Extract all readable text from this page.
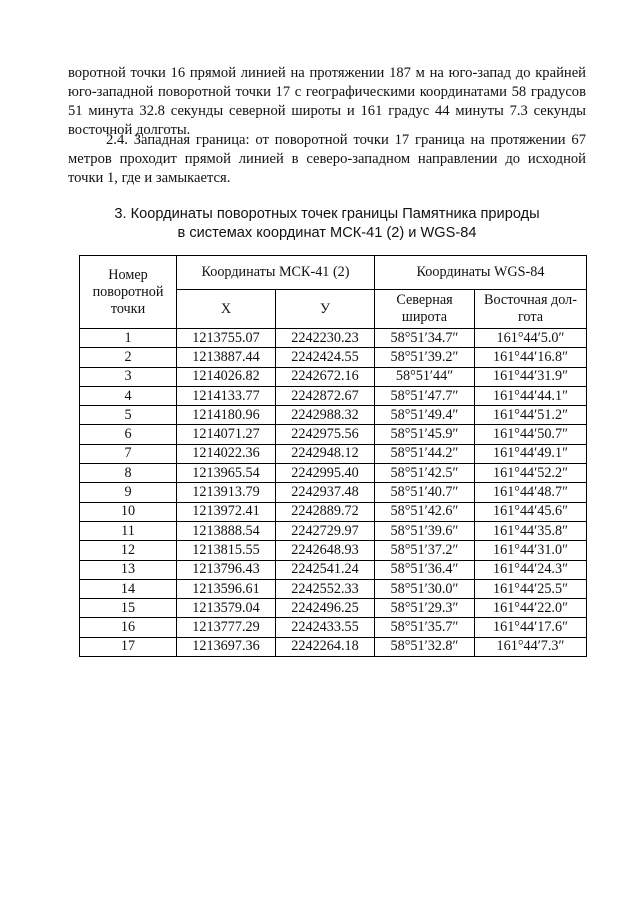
воротной точки 16 прямой линией на протяжении 187 м на юго-запад до крайней юго-западной поворотной точки 17 с географическими координатами 58 градусов 51 минута 32.8 секунды северной широты и 161 градус 44 минуты 7.3 секунды восточной долготы.

2.4. Западная граница: от поворотной точки 17 граница на протяжении 67 метров проходит прямой линией в северо-западном направлении до исходной точки 1, где и замыкается.

3. Координаты поворотных точек границы Памятника природы
в системах координат МСК-41 (2) и WGS-84
Номер поворотной точки	Координаты МСК-41 (2)		Координаты WGS-84	
	X	У	Северная широта	Восточная дол-гота
1	1213755.07	2242230.23	58°51′34.7″	161°44′5.0″
2	1213887.44	2242424.55	58°51′39.2″	161°44′16.8″
3	1214026.82	2242672.16	58°51′44″	161°44′31.9″
4	1214133.77	2242872.67	58°51′47.7″	161°44′44.1″
5	1214180.96	2242988.32	58°51′49.4″	161°44′51.2″
6	1214071.27	2242975.56	58°51′45.9″	161°44′50.7″
7	1214022.36	2242948.12	58°51′44.2″	161°44′49.1″
8	1213965.54	2242995.40	58°51′42.5″	161°44′52.2″
9	1213913.79	2242937.48	58°51′40.7″	161°44′48.7″
10	1213972.41	2242889.72	58°51′42.6″	161°44′45.6″
11	1213888.54	2242729.97	58°51′39.6″	161°44′35.8″
12	1213815.55	2242648.93	58°51′37.2″	161°44′31.0″
13	1213796.43	2242541.24	58°51′36.4″	161°44′24.3″
14	1213596.61	2242552.33	58°51′30.0″	161°44′25.5″
15	1213579.04	2242496.25	58°51′29.3″	161°44′22.0″
16	1213777.29	2242433.55	58°51′35.7″	161°44′17.6″
17	1213697.36	2242264.18	58°51′32.8″	161°44′7.3″
